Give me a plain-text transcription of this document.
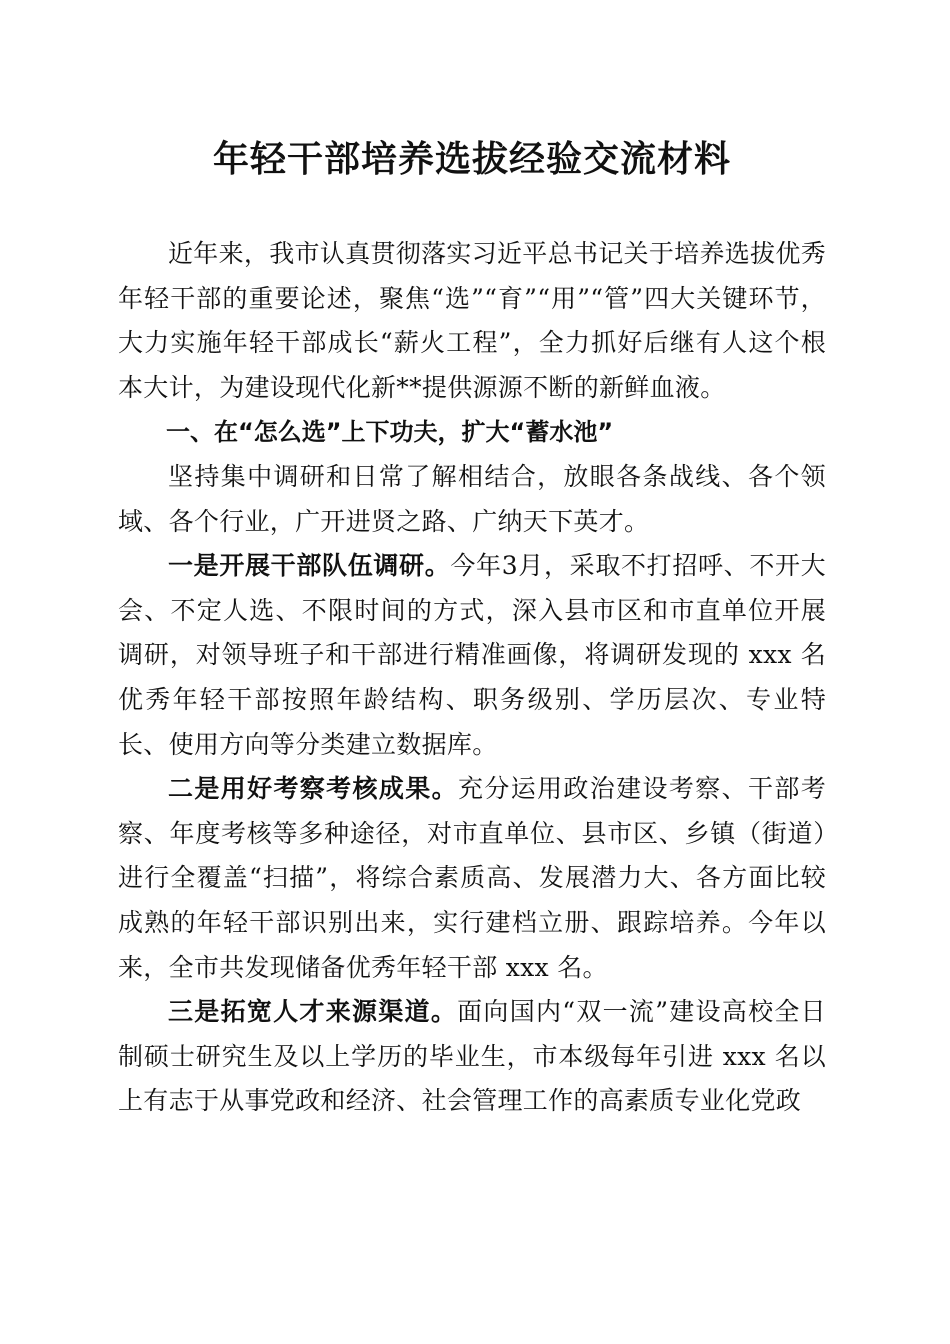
年轻干部培养选拔经验交流材料

近年来，我市认真贯彻落实习近平总书记关于培养选拔优秀年轻干部的重要论述，聚焦“选”“育”“用”“管”四大关键环节，大力实施年轻干部成长“薪火工程”，全力抓好后继有人这个根本大计，为建设现代化新**提供源源不断的新鲜血液。

一、在“怎么选”上下功夫，扩大“蓄水池”

坚持集中调研和日常了解相结合，放眼各条战线、各个领域、各个行业，广开进贤之路、广纳天下英才。

一是开展干部队伍调研。今年3月，采取不打招呼、不开大会、不定人选、不限时间的方式，深入县市区和市直单位开展调研，对领导班子和干部进行精准画像，将调研发现的 xxx 名优秀年轻干部按照年龄结构、职务级别、学历层次、专业特长、使用方向等分类建立数据库。

二是用好考察考核成果。充分运用政治建设考察、干部考察、年度考核等多种途径，对市直单位、县市区、乡镇（街道）进行全覆盖“扫描”，将综合素质高、发展潜力大、各方面比较成熟的年轻干部识别出来，实行建档立册、跟踪培养。今年以来，全市共发现储备优秀年轻干部 xxx 名。

三是拓宽人才来源渠道。面向国内“双一流”建设高校全日制硕士研究生及以上学历的毕业生，市本级每年引进 xxx 名以上有志于从事党政和经济、社会管理工作的高素质专业化党政
